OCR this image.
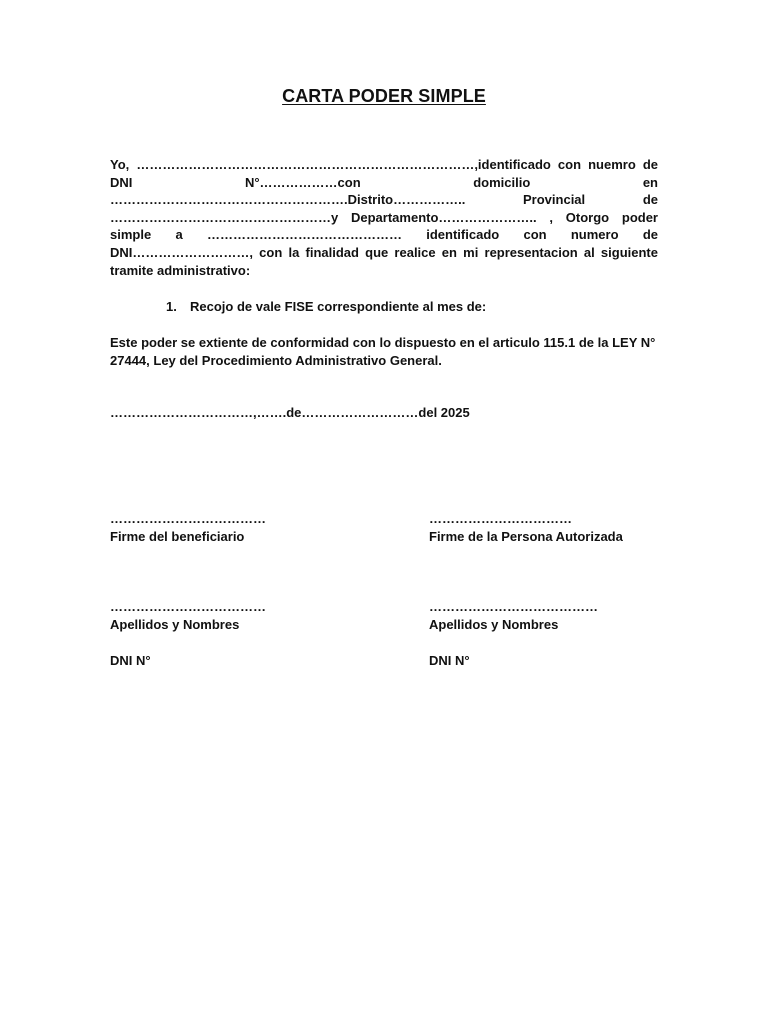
CARTA PODER SIMPLE
Yo, ……………………………………………………………………,identificado con nuemro de DNI N°………………con domicilio en ……………………………………………….Distrito…………….. Provincial de ……………………………………………y Departamento………………….. , Otorgo poder simple a ……………………………………… identificado con numero de DNI………………………, con la finalidad que realice en mi representacion al siguiente tramite administrativo:
1. Recojo de vale FISE correspondiente al mes de:
Este poder se extiente de conformidad con lo dispuesto en el articulo 115.1 de la LEY N° 27444, Ley del Procedimiento Administrativo General.
……………………………,…….de………………………del 2025
………………………………
Firme del beneficiario
………………………………
Apellidos y Nombres
DNI N°
……………………………
Firme de la Persona Autorizada
…………………………………
Apellidos y Nombres
DNI N°
